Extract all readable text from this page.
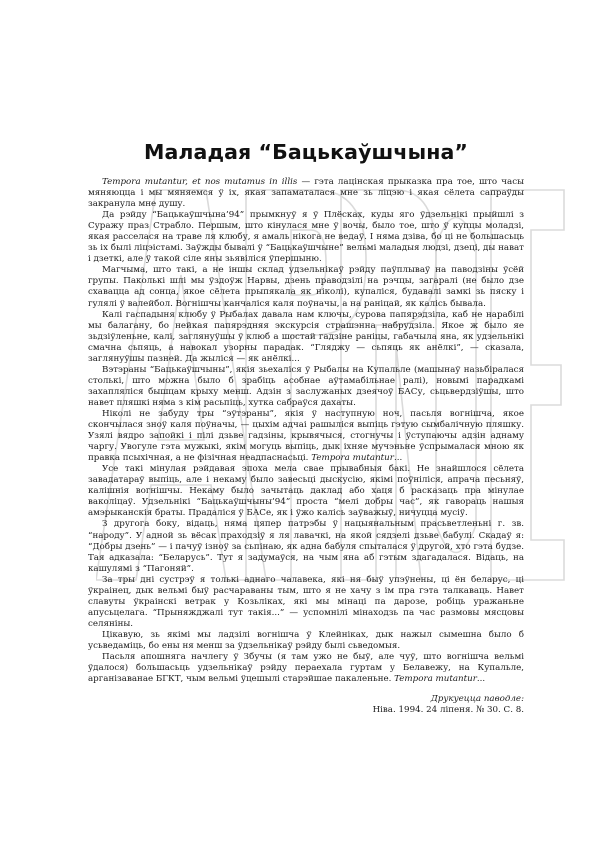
Маладая “Бацькаўшчына”

Tempora mutantur, et nos mutamus in illis — гэта лацінская прыказка пра тое, што часы мяняюцца і мы мяняемся ў іх, якая запаматалася мне зь ліцэю і якая сёлета сапраўды закранула мне душу.

Да рэйду “Бацькаўшчына’94” прымкнуў я ў Плёсках, куды яго ўдзельнікі прыйшлі з Суражу праз Страбло. Першым, што кінулася мне ў вочы, было тое, што ў купцы моладзі, якая расселася на траве ля клюбу, я амаль нікога не ведаў. І няма дзіва, бо ці не большасьць зь іх былі ліцэістамі. Заўжды бывалі ў “Бацькаўшчыне” вельмі маладыя людзі, дзеці, ды нават і дзеткі, але ў такой сіле яны зьявіліся ўпершыню.

Магчыма, што такі, а не іншы склад удзельнікаў рэйду паўплываў на паводзіны ўсёй групы. Паколькі шлі мы ўздоўж Нарвы, дзень праводзілі на рэчцы, загаралі (не было дзе схавацца ад сонца, якое сёлета прыпякала як ніколі), купаліся, будавалі замкі зь пяску і гулялі ў валейбол. Вогнішчы канчаліся каля поўначы, а на раніцай, як калісь бывала.

Калі гаспадыня клюбу ў Рыбалах давала нам ключы, сурова папярэдзіла, каб не нарабілі мы балагану, бо нейкая папярэдняя экскурсія страшэнна набрудзіла. Якое ж было яе зьдзіўленьне, калі, заглянуўшы ў клюб а шостай гадзіне раніцы, габачыла яна, як удзельнікі смачна сьпяць, а навокал узорны парадак. “Гляджу — сьпяць як анёлкі”, — сказала, заглянуўшы пазней. Да жыліся — як анёлкі...

Вэтэраны “Бацькаўшчыны”, якія зьехаліся ў Рыбалы на Купальле (машынаў назьбіралася столькі, што можна было б зрабіць асобнае аўтамабільнае ралі), новымі парадкамі захапляліся бышцам крыху менш. Адзін з заслужаных дзеячоў БАСу, сьцьвердзіўшы, што навет пляшкі няма з кім расьпіць, хутка сабраўся дахаты.

Ніколі не забуду тры “эўтэраны”, якія ў наступную ноч, пасьля вогнішча, якое скончылася зноў каля поўначы, — цыхім адчаі рашыліся выпіць гэтую сымбалічную пляшку. Узялі вядро запойкі і пілі дзьве гадзіны, крывячыся, стогнучы і ўступаючы адзін аднаму чаргу. Увогуле гэта мужыкі, якім могуць выпіць, дык іхняе мучэньне ўспрымалася мною як правка псыхічная, а не фізічная неадпаснасьці. Tempora mutantur...

Усе такі мінулая рэйдавая эпоха мела свае прывабныя бакі. Не знайшлося сёлета завадатараў выпіць, але і некаму было завесьці дыскусію, якімі поўніліся, апрача песьняў, калішнія вогнішчы. Некаму было зачытаць даклад або хаця б расказаць пра мінулае ваколіцаў. Удзельнікі “Бацькаўшчыны’94” проста “мелі добры час”, як гавораць нашыя амэрыканскія браты. Прадаліся ў БАСе, як і ўжо калісь заўважыў, ничуцца мусіў.

З другога боку, відаць, няма цяпер патрэбы ў нацыянальным прасьветленьні г. зв. “народу”. У адной зь вёсак праходзіў я ля лавачкі, на якой сядзелі дзьве бабулі. Скадаў я: “Добры дзень” — і пачуў ізноў за сьпінаю, як адна бабуля спыталася ў другой, хто гэта будзе. Тая адказала: “Беларусь”. Тут я задумаўся, на чым яна аб гэтым здагадалася. Відаць, на кашулямі з “Пагоняй”.

За тры дні сустрэў я толькі аднаго чалавека, які ня быў упэўнены, ці ён беларус, ці ўкраінец, дык вельмі быў расчараваны тым, што я не хачу з ім пра гэта талкаваць. Навет славуты ўкраінскі ветрак у Козьліках, які мы мінаці па дарозе, робіць уражаньне апусьцелага. “Прыняжджалі тут такія...” — успомнілі мінаходзь па час размовы мясцовы селяніны.

Цікавую, зь якімі мы ладзілі вогнішча ў Клейніках, дык нажыл сымешна было б усьведаміць, бо ены ня менш за ўдзельнікаў рэйду былі сьведомыя.

Пасьля апошняга начлегу ў Збучы (я там ужо не быў, але чуў, што вогнішча вельмі ўдалося) большасьць удзельнікаў рэйду пераехала гуртам у Белавежу, на Купальле, арганізаванае БГКТ, чым вельмі ўцешылі старэйшае пакаленьне. Tempora mutantur...

Друкуецца паводле:
Ніва. 1994. 24 ліпеня. № 30. С. 8.
